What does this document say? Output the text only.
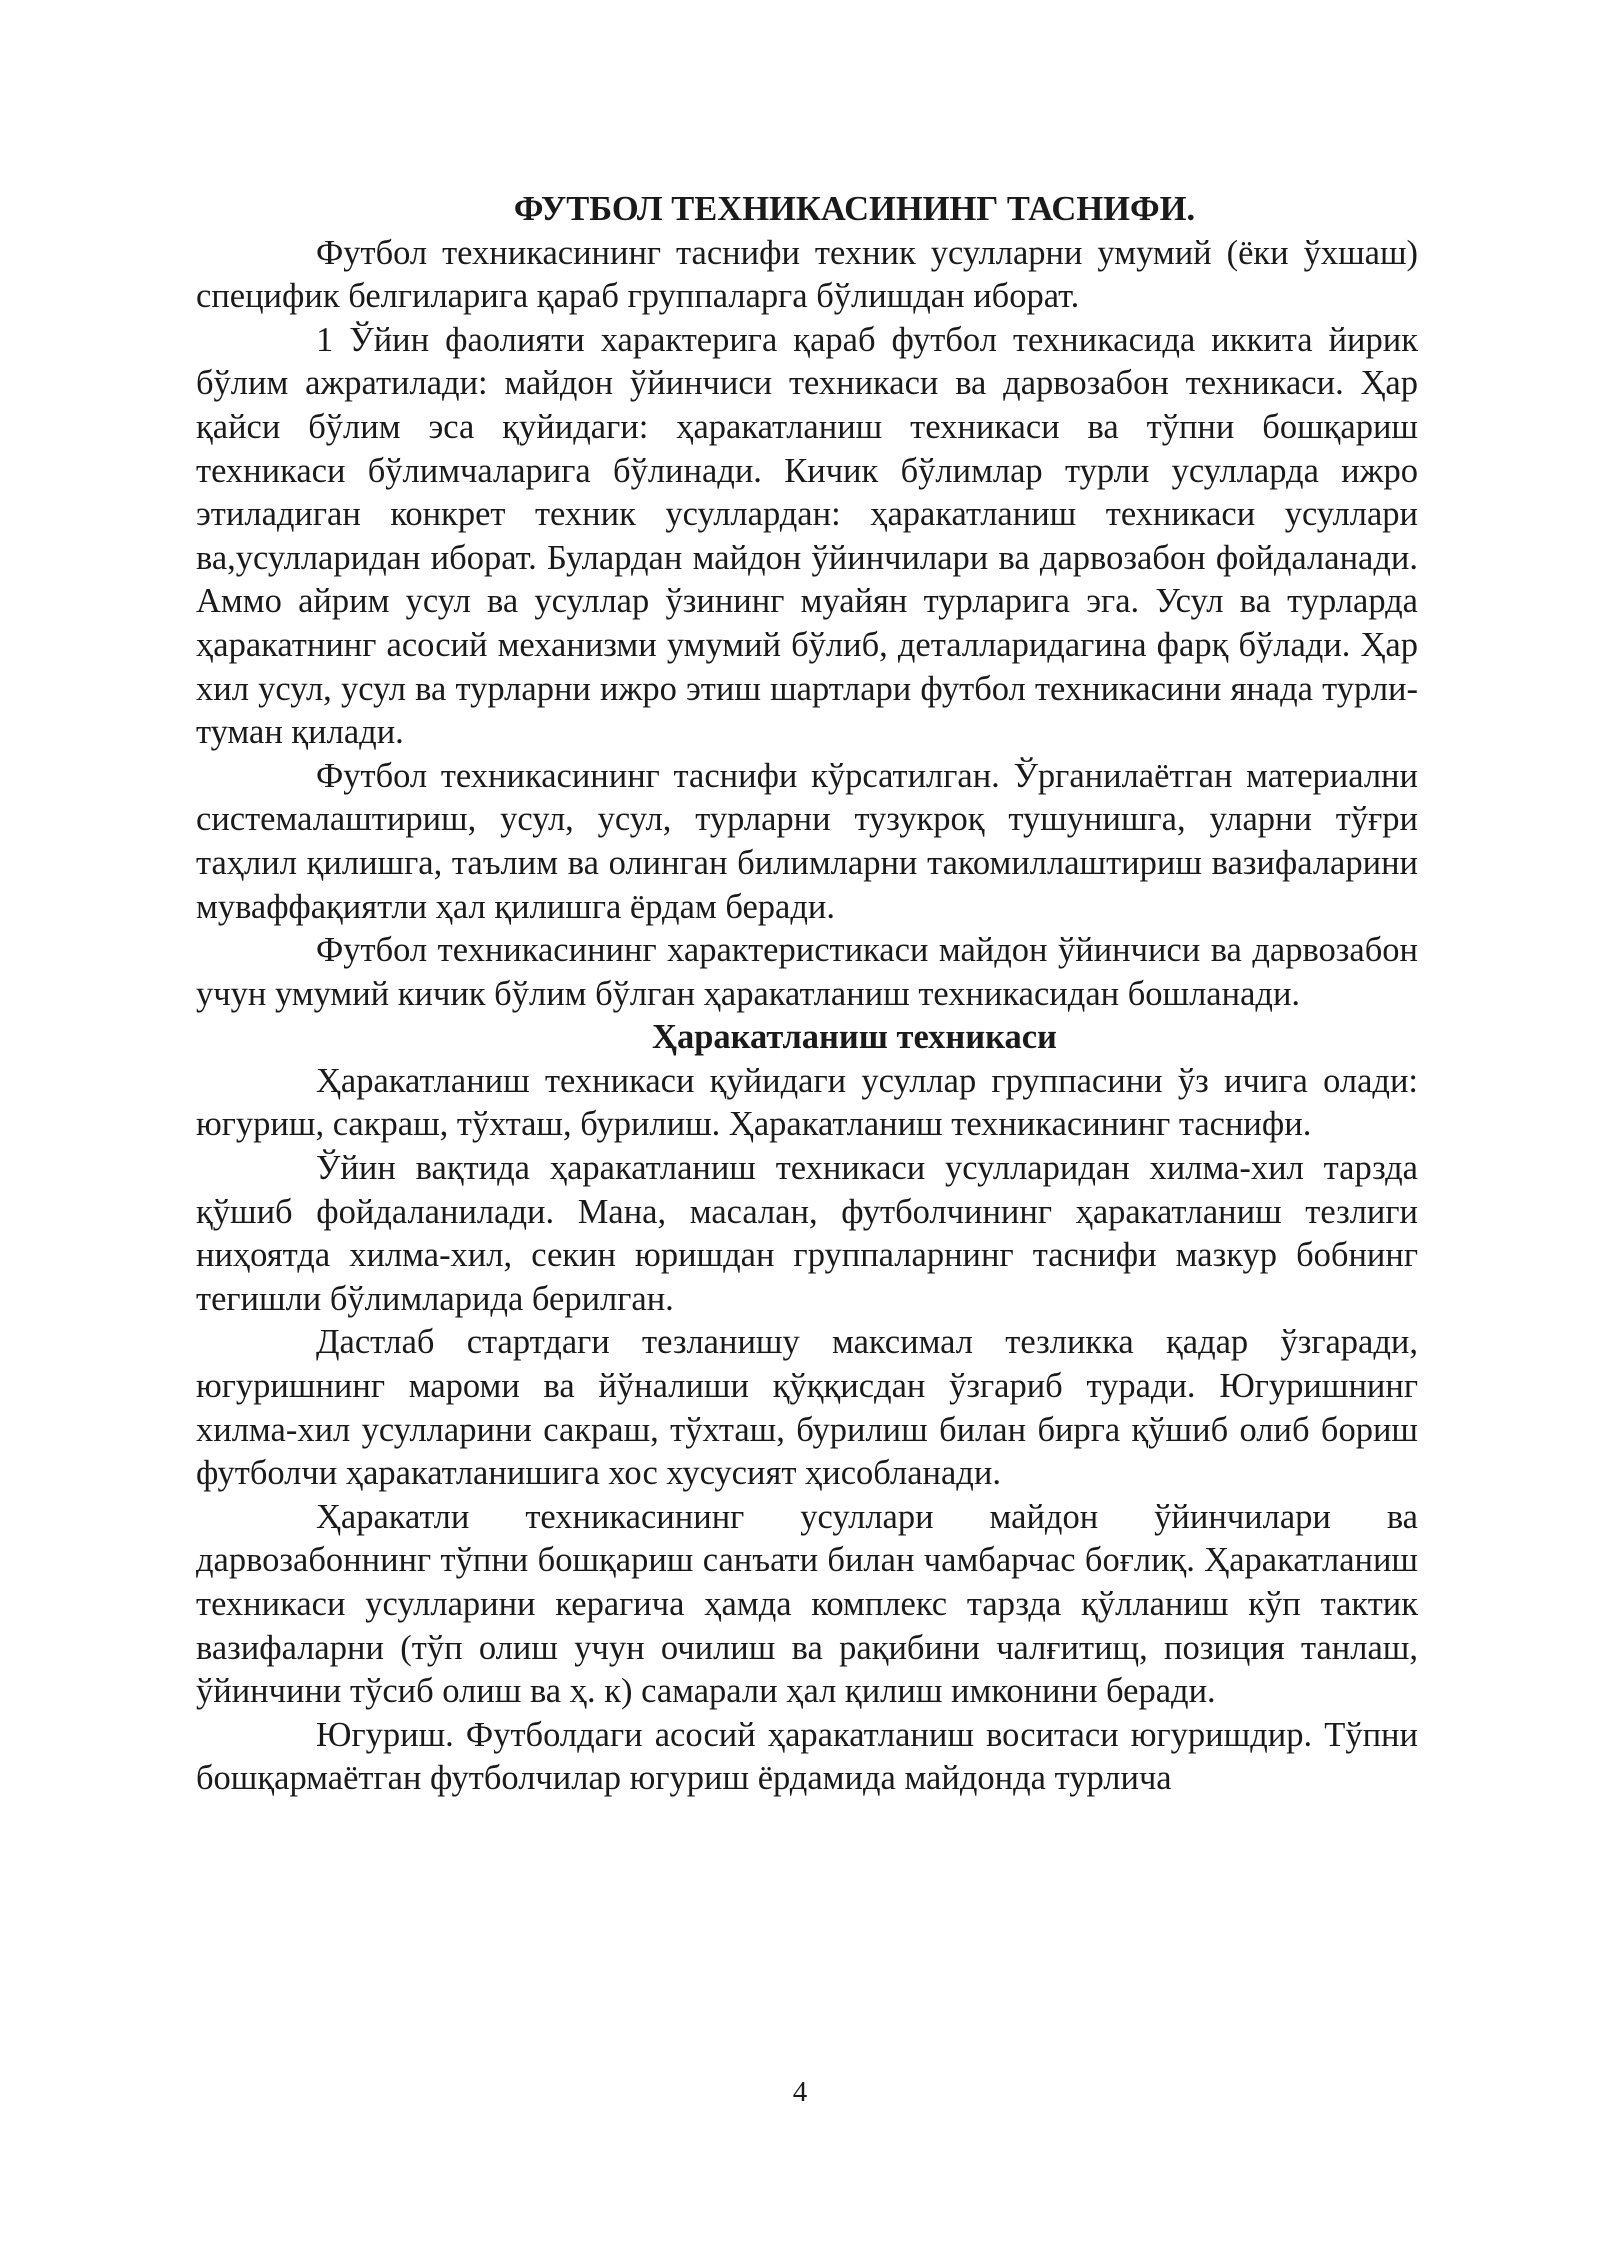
ФУТБОЛ ТЕХНИКАСИНИНГ ТАСНИФИ.

Футбол техникасининг таснифи техник усулларни умумий (ёки ўхшаш) специфик белгиларига қараб группаларга бўлишдан иборат.

1 Ўйин фаолияти характерига қараб футбол техникасида иккита йирик бўлим ажратилади: майдон ўйинчиси техникаси ва дарвозабон техникаси. Ҳар қайси бўлим эса қуйидаги: ҳаракатланиш техникаси ва тўпни бошқариш техникаси бўлимчаларига бўлинади. Кичик бўлимлар турли усулларда ижро этиладиган конкрет техник усуллардан: ҳаракатланиш техникаси усуллари ва,усулларидан иборат. Булардан майдон ўйинчилари ва дарвозабон фойдаланади. Аммо айрим усул ва усуллар ўзининг муайян турларига эга. Усул ва турларда ҳаракатнинг асосий механизми умумий бўлиб, деталларидагина фарқ бўлади. Ҳар хил усул, усул ва турларни ижро этиш шартлари футбол техникасини янада турли-туман қилади.

Футбол техникасининг таснифи кўрсатилган. Ўрганилаётган материални системалаштириш, усул, усул, турларни тузукроқ тушунишга, уларни тўғри таҳлил қилишга, таълим ва олинган билимларни такомиллаштириш вазифаларини муваффақиятли ҳал қилишга ёрдам беради.

Футбол техникасининг характеристикаси майдон ўйинчиси ва дарвозабон учун умумий кичик бўлим бўлган ҳаракатланиш техникасидан бошланади.

Ҳаракатланиш техникаси

Ҳаракатланиш техникаси қуйидаги усуллар группасини ўз ичига олади: югуриш, сакраш, тўхташ, бурилиш. Ҳаракатланиш техникасининг таснифи.

Ўйин вақтида ҳаракатланиш техникаси усулларидан хилма-хил тарзда қўшиб фойдаланилади. Мана, масалан, футболчининг ҳаракатланиш тезлиги ниҳоятда хилма-хил, секин юришдан группаларнинг таснифи мазкур бобнинг тегишли бўлимларида берилган.

Дастлаб стартдаги тезланишу максимал тезликка қадар ўзгаради, югуришнинг мароми ва йўналиши қўққисдан ўзгариб туради. Югуришнинг хилма-хил усулларини сакраш, тўхташ, бурилиш билан бирга қўшиб олиб бориш футболчи ҳаракатланишига хос хусусият ҳисобланади.

Ҳаракатли техникасининг усуллари майдон ўйинчилари ва дарвозабоннинг тўпни бошқариш санъати билан чамбарчас боғлиқ. Ҳаракатланиш техникаси усулларини керагича ҳамда комплекс тарзда қўлланиш кўп тактик вазифаларни (тўп олиш учун очилиш ва рақибини чалғитищ, позиция танлаш, ўйинчини тўсиб олиш ва ҳ. к) самарали ҳал қилиш имконини беради.

Югуриш. Футболдаги асосий ҳаракатланиш воситаси югуришдир. Тўпни бошқармаётган футболчилар югуриш ёрдамида майдонда турлича

4
